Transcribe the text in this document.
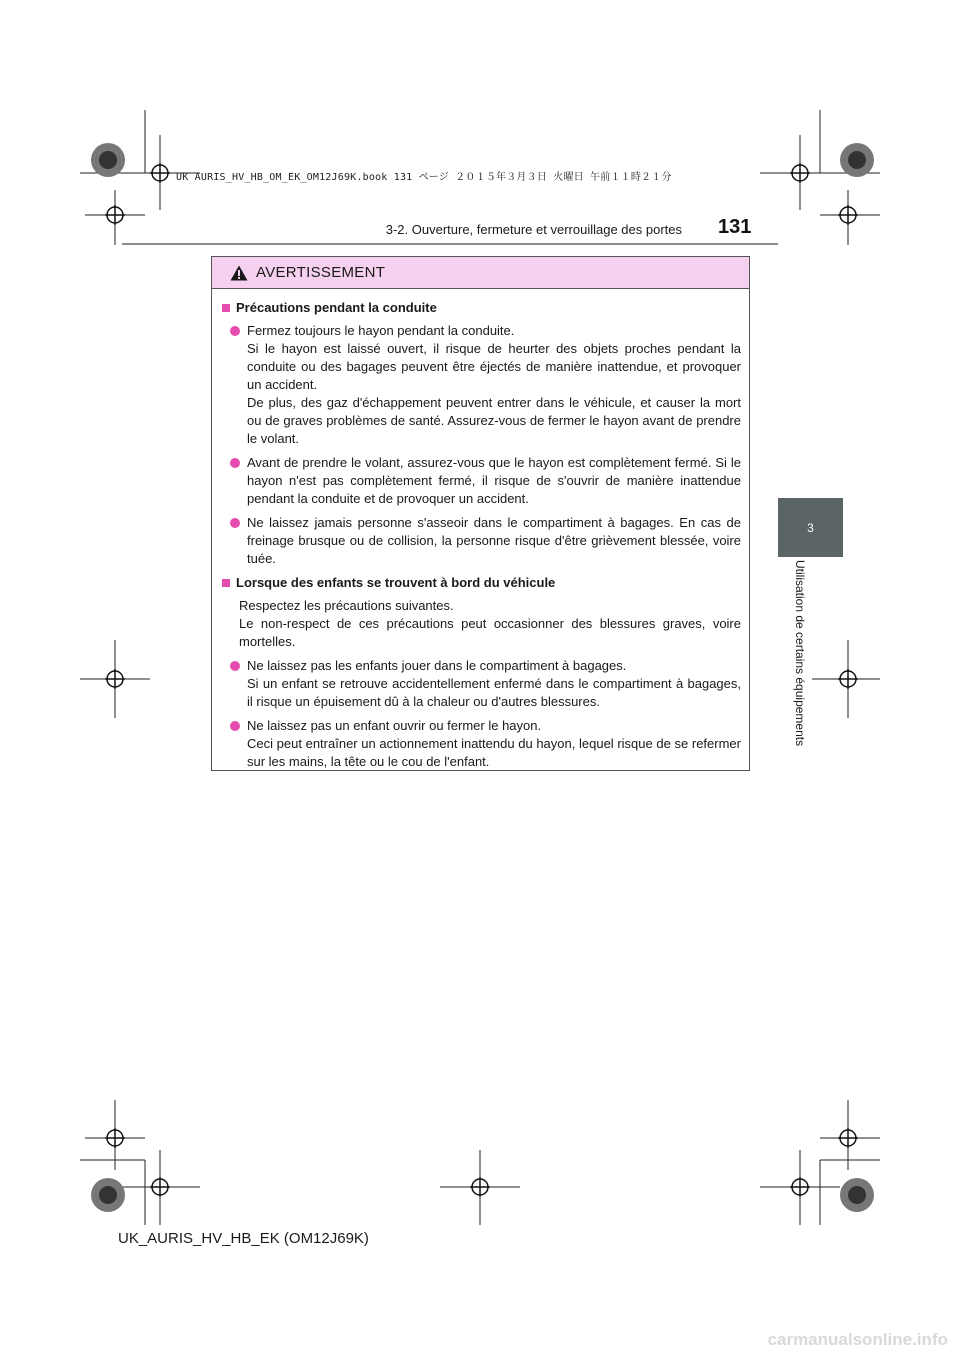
UK AURIS_HV_HB_OM_EK_OM12J69K.book 131 ページ ２０１５年３月３日 火曜日 午前１１時２１分
3-2. Ouverture, fermeture et verrouillage des portes 131
3
Utilisation de certains équipements
AVERTISSEMENT
Précautions pendant la conduite

Fermez toujours le hayon pendant la conduite.

Si le hayon est laissé ouvert, il risque de heurter des objets proches pendant la conduite ou des bagages peuvent être éjectés de manière inattendue, et provoquer un accident.

De plus, des gaz d'échappement peuvent entrer dans le véhicule, et causer la mort ou de graves problèmes de santé. Assurez-vous de fermer le hayon avant de prendre le volant.

Avant de prendre le volant, assurez-vous que le hayon est complètement fermé. Si le hayon n'est pas complètement fermé, il risque de s'ouvrir de manière inattendue pendant la conduite et de provoquer un accident.

Ne laissez jamais personne s'asseoir dans le compartiment à bagages. En cas de freinage brusque ou de collision, la personne risque d'être grièvement blessée, voire tuée.

Lorsque des enfants se trouvent à bord du véhicule

Respectez les précautions suivantes.

Le non-respect de ces précautions peut occasionner des blessures graves, voire mortelles.

Ne laissez pas les enfants jouer dans le compartiment à bagages.

Si un enfant se retrouve accidentellement enfermé dans le compartiment à bagages, il risque un épuisement dû à la chaleur ou d'autres blessures.

Ne laissez pas un enfant ouvrir ou fermer le hayon.

Ceci peut entraîner un actionnement inattendu du hayon, lequel risque de se refermer sur les mains, la tête ou le cou de l'enfant.

UK_AURIS_HV_HB_EK (OM12J69K)
carmanualsonline.info
